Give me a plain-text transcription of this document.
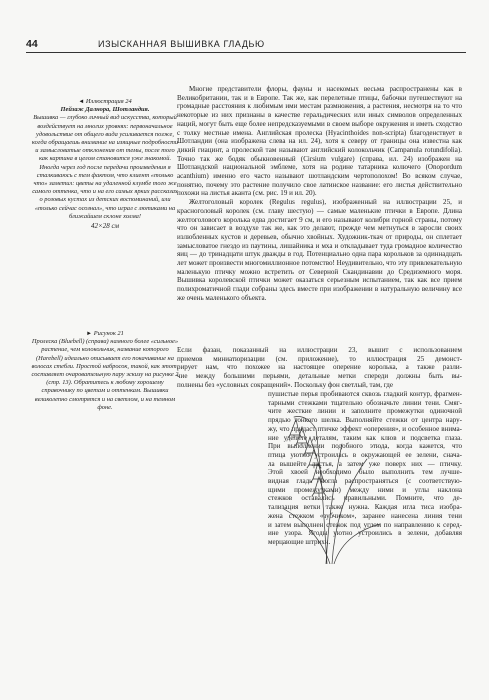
44	ИЗЫСКАННАЯ ВЫШИВКА ГЛАДЬЮ
◄ Иллюстрация 24
Пейзаж Далнора, Шотландия.
Вышивка — глубоко личный вид искусства, который воздействует на многих уровнях: первоначальное удовольствие от общего вида усиливается позже, когда обращаешь внимание на изящные подробности и замысловатые отклонения от темы, после того как картина в целом становится уже знакомой. Иногда через год после передачи произведения я сталкиваюсь с тем фактом, что клиент «только что» заметил: цветы на удаленной клумбе того же самого оттенка, что и на его самых ярких рассказах о розовых кустах из детских воспоминаний, или «только сейчас осознал», что играл с лютиками на ближайшем склоне холма!
42×28 см
► Рисунок 21
Пролеска (Bluebell) (справа) намного более «сильное» растение, чем колокольчик, название которого (Harebell) идеально описывает его покачивание на волосах стебли. Простой набросок, такой, как этот, составляет очаровательную пару эскизу на рисунке 2 (стр. 13). Обратитесь к любому хорошему справочнику по цветам и оттенкам. Вышивки великолепно смотрятся и на светлом, и на темном фоне.

Многие представители флоры, фауны и насекомых весьма распространены как в Великобритании, так и в Европе. Так же, как перелетные птицы, бабочки путешествуют на громадные расстояния к любимым ими местам размножения, а растения, несмотря на то что некоторые из них признаны в качестве геральдических или иных символов определенных наций, могут быть еще более непредсказуемыми в своем выборе окружения и иметь сходство с толку местные имена. Английская пролеска (Hyacinthoides non-scripta) благоденствует в Шотландии (она изображена слева на ил. 24), хотя к северу от границы она известна как дикий гиацинт, а пролеской там называют английский колокольчик (Campanula rotundifolia). Точно так же бодяк обыкновенный (Cirsium vulgare) (справа, ил. 24) изображен на Шотландской национальной эмблеме, хотя на родине татарника колючего (Onopordum acanthium) именно его часто называют шотландским чертополохом! Во всяком случае, понятно, почему это растение получило свое латинское название: его листья действительно похожи на листья аканта (см. рис. 19 и ил. 20).

Желтоголовый королек (Regulus regulus), изображенный на иллюстрации 25, и красноголовый королек (см. главу шестую) — самые маленькие птички в Европе. Длина желтоголового королька едва достигает 9 см, и его называют колибри горной страны, потому что он зависает в воздухе так же, как это делают, прежде чем метнуться в заросли своих излюбленных кустов и деревьев, обычно хвойных. Художник-ткач от природы, он сплетает замысловатое гнездо из паутины, лишайника и мха и откладывает туда громадное количество яиц — до тринадцати штук дважды в год. Потенциально одна пара корольков за одиннадцать лет может произвести многомиллионное потомство! Неудивительно, что эту привлекательную маленькую птичку можно встретить от Северной Скандинавии до Средиземного моря. Вышивка королевской птички может оказаться серьезным испытанием, так как все прием полихроматичной глади собраны здесь вместе при изображении в натуральную величину все же очень маленького объекта.

Если фазан, показанный на иллюстрации 23, вышит с использованием
приемов миниатюризации (см. приложение), то иллюстрация 25 демонст-
рирует нам, что похожее на настоящее оперение королька, а также разли-
чие между большими перьями, детальные метки спереди должны быть вы-
полнены без «условных сокращений». Поскольку фон светлый, там, где
пушистые перья пробиваются сквозь гладкий контур, фрагмен-
тарными стежками тщательно обозначьте линии тени. Смяг-
чите жесткие линии и заполните промежутки одиночной
прядью тонкого шелка. Выполняйте стежки от центра нару-
жу, что придаст птичке эффект «оперения», и особенное внима-
ние уделите деталям, таким как клюв и подсветка глаза.
При выполнении подобного этюда, когда кажется, что
птица уютно устроилась в окружающей ее зелени, снача-
ла вышейте листья, а затем уже поверх них — птичку.
Этой хвоей необходимо было выполнить тем лучше-
видная гладь могла распространяться (с соответствую-
щими промежутками) между ними и углы наклона
стежков оставались правильными. Помните, что де-
тализация ветки также нужна. Каждая игла тиса изобра-
жена стежком «зубчиком», заранее нанесена линия тени
и затем выполнен стежок под углом по направлению к серед-
ине узора. Ягоды уютно устроились в зелени, добавляя
мерцающие штрихи.
